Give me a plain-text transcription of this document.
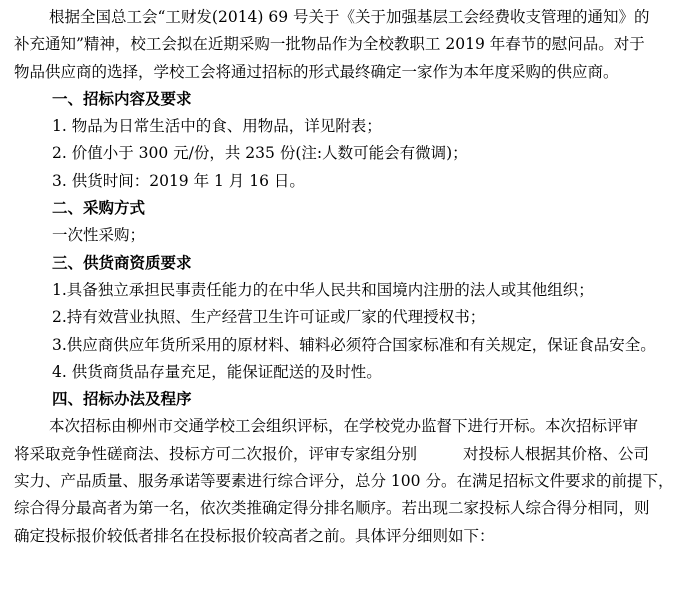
根据全国总工会“工财发(2014) 69 号关于《关于加强基层工会经费收支管理的通知》的
补充通知”精神，校工会拟在近期采购一批物品作为全校教职工 2019 年春节的慰问品。对于
物品供应商的选择，学校工会将通过招标的形式最终确定一家作为本年度采购的供应商。
一、招标内容及要求
1. 物品为日常生活中的食、用物品，详见附表；
2. 价值小于 300 元/份，共 235 份(注:人数可能会有微调)；
3. 供货时间：2019 年 1 月 16 日。
二、采购方式
一次性采购；
三、供货商资质要求
1.具备独立承担民事责任能力的在中华人民共和国境内注册的法人或其他组织；
2.持有效营业执照、生产经营卫生许可证或厂家的代理授权书；
3.供应商供应年货所采用的原材料、辅料必须符合国家标准和有关规定，保证食品安全。
4. 供货商货品存量充足，能保证配送的及时性。
四、招标办法及程序
本次招标由柳州市交通学校工会组织评标，在学校党办监督下进行开标。本次招标评审
将采取竞争性磋商法、投标方可二次报价，评审专家组分别	对投标人根据其价格、公司
实力、产品质量、服务承诺等要素进行综合评分，总分 100 分。在满足招标文件要求的前提下，
综合得分最高者为第一名，依次类推确定得分排名顺序。若出现二家投标人综合得分相同，则
确定投标报价较低者排名在投标报价较高者之前。具体评分细则如下：
